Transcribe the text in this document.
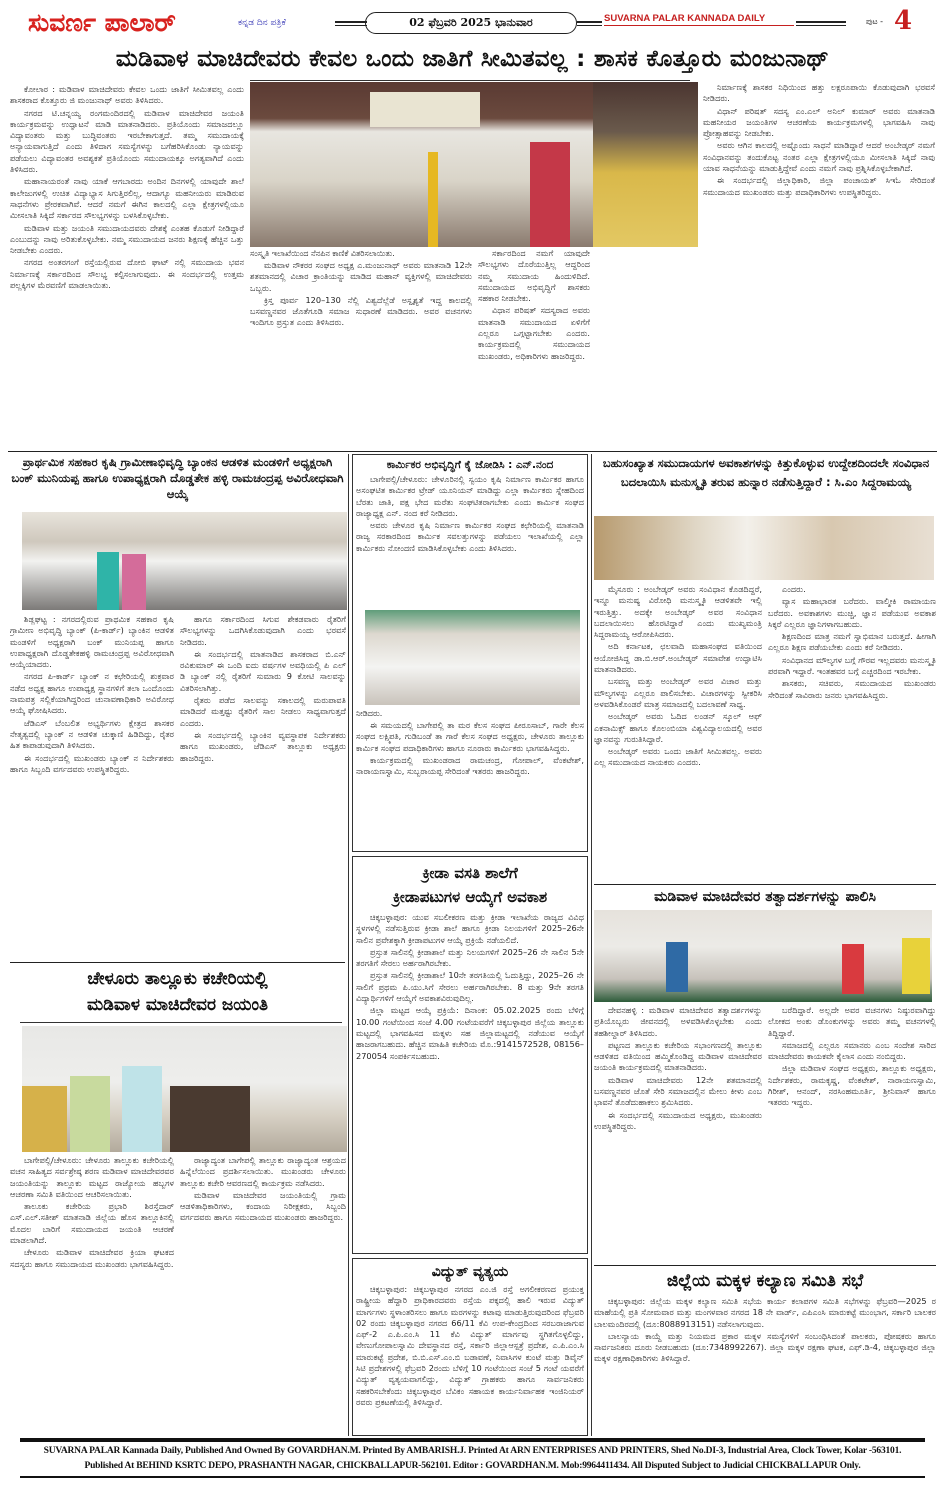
ಸುವರ್ಣ ಪಾಲಾರ್	ಕನ್ನಡ ದಿನ ಪತ್ರಿಕೆ	02 ಫೆಬ್ರವರಿ 2025 ಭಾನುವಾರ	SUVARNA PALAR KANNADA DAILY	ಪುಟ - 4
ಮಡಿವಾಳ ಮಾಚಿದೇವರು ಕೇವಲ ಒಂದು ಜಾತಿಗೆ ಸೀಮಿತವಲ್ಲ : ಶಾಸಕ ಕೊತ್ತೂರು ಮಂಜುನಾಥ್

ಕೋಲಾರ : ಮಡಿವಾಳ ಮಾಚಿದೇವರು ಕೇವಲ ಒಂದು ಜಾತಿಗೆ ಸೀಮಿತವಲ್ಲ ಎಂದು ಶಾಸಕರಾದ ಕೊತ್ತೂರು ಜಿ ಮಂಜುನಾಥ್ ಅವರು ತಿಳಿಸಿದರು.

ನಗರದ ಟಿ.ಚನ್ನಯ್ಯ ರಂಗಮಂದಿರದಲ್ಲಿ ಮಡಿವಾಳ ಮಾಚಿದೇವರ ಜಯಂತಿ ಕಾರ್ಯಕ್ರಮವನ್ನು ಉದ್ಘಾಟನೆ ಮಾಡಿ ಮಾತನಾಡಿದರು. ಪ್ರತಿಯೊಂದು ಸಮಾಜದಲ್ಲೂ ವಿದ್ಯಾವಂತರು ಮತ್ತು ಬುದ್ಧಿವಂತರು ಇರಬೇಕಾಗುತ್ತದೆ. ತಮ್ಮ ಸಮುದಾಯಕ್ಕೆ ಅನ್ಯಾಯವಾಗುತ್ತಿದೆ ಎಂದು ತಿಳಿದಾಗ ಸಮಸ್ಯೆಗಳನ್ನು ಬಗೆಹರಿಸಿಕೊಂಡು ನ್ಯಾಯವನ್ನು ಪಡೆಯಲು ವಿದ್ಯಾವಂತರ ಅವಶ್ಯಕತೆ ಪ್ರತಿಯೊಂದು ಸಮುದಾಯಕ್ಕೂ ಅಗತ್ಯವಾಗಿದೆ ಎಂದು ತಿಳಿಸಿದರು.

ಮಹಾನಾಯರಂತೆ ನಾವು ಯಾಕೆ ಆಗಬಾರದು ಅಂದಿನ ದಿನಗಳಲ್ಲಿ ಯಾವುದೇ ಶಾಲೆ ಕಾಲೇಜುಗಳಲ್ಲಿ ಉಚಿತ ವಿದ್ಯಾಭ್ಯಾಸ ಸಿಗುತ್ತಿರಲಿಲ್ಲ, ಆದಾಗ್ಯೂ ಮಹನೀಯರು ಮಾಡಿರುವ ಸಾಧನೆಗಳು ಪ್ರೇರಕವಾಗಿವೆ. ಆದರೆ ನಮಗೆ ಈಗಿನ ಕಾಲದಲ್ಲಿ ಎಲ್ಲಾ ಕ್ಷೇತ್ರಗಳಲ್ಲಿಯೂ ಮೀಸಲಾತಿ ಸಿಕ್ಕಿದೆ ಸರ್ಕಾರದ ಸೌಲಭ್ಯಗಳನ್ನು ಬಳಸಿಕೊಳ್ಳಬೇಕು.

ಮಡಿವಾಳ ಮತ್ತು ಜಯಂತಿ ಸಮುದಾಯದವರು ದೇಶಕ್ಕೆ ಎಂತಹ ಕೊಡುಗೆ ನೀಡಿದ್ದಾರೆ ಎಂಬುದನ್ನು ನಾವು ಅರಿತುಕೊಳ್ಳಬೇಕು. ನಮ್ಮ ಸಮುದಾಯದ ಜನರು ಶಿಕ್ಷಣಕ್ಕೆ ಹೆಚ್ಚಿನ ಒತ್ತು ನೀಡಬೇಕು ಎಂದರು.

ನಗರದ ಅಂತರಗಂಗೆ ರಸ್ತೆಯಲ್ಲಿರುವ ದೋಬಿ ಘಾಟ್ ನಲ್ಲಿ ಸಮುದಾಯ ಭವನ ನಿರ್ಮಾಣಕ್ಕೆ ಸರ್ಕಾರದಿಂದ ಸೌಲಭ್ಯ ಕಲ್ಪಿಸಲಾಗುವುದು. ಈ ಸಂದರ್ಭದಲ್ಲಿ ಉತ್ತಮ ಪಲ್ಲಕ್ಕಿಗಳ ಮೆರವಣಿಗೆ ಮಾಡಲಾಯಿತು.

ಸಂಸ್ಕೃತಿ ಇಲಾಖೆಯಿಂದ ನೆನಪಿನ ಕಾಣಿಕೆ ವಿತರಿಸಲಾಯಿತು.

ಮಡಿವಾಳ ನೌಕರರ ಸಂಘದ ಅಧ್ಯಕ್ಷ ಎ.ಮಂಜುನಾಥ್ ಅವರು ಮಾತನಾಡಿ 12ನೇ ಶತಮಾನದಲ್ಲಿ ವಿಚಾರ ಕ್ರಾಂತಿಯನ್ನು ಮಾಡಿದ ಮಹಾನ್ ವ್ಯಕ್ತಿಗಳಲ್ಲಿ ಮಾಚಿದೇವರು ಒಬ್ಬರು.

ಕ್ರಿಸ್ತ ಪೂರ್ವ 120–130 ನೆಲ್ಲಿ ವಿಶ್ವದೆಲ್ಲೆಡೆ ಅಸ್ಪೃಶ್ಯತೆ ಇದ್ದ ಕಾಲದಲ್ಲಿ ಬಸವಣ್ಣನವರ ಜೊತೆಗೂಡಿ ಸಮಾಜ ಸುಧಾರಣೆ ಮಾಡಿದರು. ಅವರ ವಚನಗಳು ಇಂದಿಗೂ ಪ್ರಸ್ತುತ ಎಂದು ತಿಳಿಸಿದರು.

ಸರ್ಕಾರದಿಂದ ನಮಗೆ ಯಾವುದೇ ಸೌಲಭ್ಯಗಳು ದೊರೆಯುತ್ತಿಲ್ಲ ಆದ್ದರಿಂದ ನಮ್ಮ ಸಮುದಾಯ ಹಿಂದುಳಿದಿದೆ. ಸಮುದಾಯದ ಅಭಿವೃದ್ಧಿಗೆ ಶಾಸಕರು ಸಹಕಾರ ನೀಡಬೇಕು.

ವಿಧಾನ ಪರಿಷತ್ ಸದಸ್ಯರಾದ ಅವರು ಮಾತನಾಡಿ ಸಮುದಾಯದ ಏಳಿಗೆಗೆ ಎಲ್ಲರೂ ಒಗ್ಗಟ್ಟಾಗಬೇಕು ಎಂದರು. ಕಾರ್ಯಕ್ರಮದಲ್ಲಿ ಸಮುದಾಯದ ಮುಖಂಡರು, ಅಧಿಕಾರಿಗಳು ಹಾಜರಿದ್ದರು.

ನಿರ್ಮಾಣಕ್ಕೆ ಶಾಸಕರ ನಿಧಿಯಿಂದ ಹತ್ತು ಲಕ್ಷರೂಪಾಯಿ ಕೊಡುವುದಾಗಿ ಭರವಸೆ ನೀಡಿದರು.

ವಿಧಾನ್ ಪರಿಷತ್ ಸದಸ್ಯ ಎಂ.ಎಲ್ ಅನಿಲ್ ಕುಮಾರ್ ಅವರು ಮಾತನಾಡಿ ಮಹನೀಯರ ಜಯಂತಿಗಳ ಆಚರಣೆಯ ಕಾರ್ಯಕ್ರಮಗಳಲ್ಲಿ ಭಾಗವಹಿಸಿ ನಾವು ಪ್ರೋತ್ಸಾಹವನ್ನು ನೀಡಬೇಕು.

ಅವರು ಆಗಿನ ಕಾಲದಲ್ಲಿ ಅಷ್ಟೊಂದು ಸಾಧನೆ ಮಾಡಿದ್ದಾರೆ ಆದರೆ ಅಂಬೇಡ್ಕರ್ ನಮಗೆ ಸಂವಿಧಾನವನ್ನು ತಂದುಕೊಟ್ಟ ನಂತರ ಎಲ್ಲಾ ಕ್ಷೇತ್ರಗಳಲ್ಲಿಯೂ ಮೀಸಲಾತಿ ಸಿಕ್ಕಿದೆ ನಾವು ಯಾವ ಸಾಧನೆಯನ್ನು ಮಾಡುತ್ತಿದ್ದೇವೆ ಎಂದು ನಮಗೆ ನಾವು ಪ್ರಶ್ನಿಸಿಕೊಳ್ಳಬೇಕಾಗಿದೆ.

ಈ ಸಂದರ್ಭದಲ್ಲಿ ಜಿಲ್ಲಾಧಿಕಾರಿ, ಜಿಲ್ಲಾ ಪಂಚಾಯತ್ ಸಿಇಓ ಸೇರಿದಂತೆ ಸಮುದಾಯದ ಮುಖಂಡರು ಮತ್ತು ಪದಾಧಿಕಾರಿಗಳು ಉಪಸ್ಥಿತರಿದ್ದರು.

ಪ್ರಾರ್ಥಮಿಕ ಸಹಕಾರ ಕೃಷಿ ಗ್ರಾಮೀಣಾಭಿವೃದ್ಧಿ ಬ್ಯಾಂಕನ ಆಡಳಿತ ಮಂಡಳಿಗೆ ಅಧ್ಯಕ್ಷರಾಗಿ ಬಂಕ್ ಮುನಿಯಪ್ಪ ಹಾಗೂ ಉಪಾಧ್ಯಕ್ಷರಾಗಿ ದೊಡ್ಡತೇಕ ಹಳ್ಳಿ ರಾಮಚಂದ್ರಪ್ಪ ಅವಿರೋಧವಾಗಿ ಆಯ್ಕೆ

ಶಿಡ್ಲಘಟ್ಟ : ನಗರದಲ್ಲಿರುವ ಪ್ರಾಥಮಿಕ ಸಹಕಾರ ಕೃಷಿ ಗ್ರಾಮೀಣ ಅಭಿವೃದ್ಧಿ ಬ್ಯಾಂಕ್ (ಪಿ-ಕಾರ್ಡ್) ಬ್ಯಾಂಕಿನ ಆಡಳಿತ ಮಂಡಳಿಗೆ ಅಧ್ಯಕ್ಷರಾಗಿ ಬಂಕ್ ಮುನಿಯಪ್ಪ ಹಾಗೂ ಉಪಾಧ್ಯಕ್ಷರಾಗಿ ದೊಡ್ಡತೇಕಹಳ್ಳಿ ರಾಮಚಂದ್ರಪ್ಪ ಅವಿರೋಧವಾಗಿ ಆಯ್ಕೆಯಾದರು.

ನಗರದ ಪಿ-ಕಾರ್ಡ್ ಬ್ಯಾಂಕ್ ನ ಕಛೇರಿಯಲ್ಲಿ ಶುಕ್ರವಾರ ನಡೆದ ಅಧ್ಯಕ್ಷ ಹಾಗೂ ಉಪಾಧ್ಯಕ್ಷ ಸ್ಥಾನಗಳಿಗೆ ತಲಾ ಒಂದೊಂದು ನಾಮಪತ್ರ ಸಲ್ಲಿಕೆಯಾಗಿದ್ದರಿಂದ ಚುನಾವಣಾಧಿಕಾರಿ ಅವಿರೋಧ ಆಯ್ಕೆ ಘೋಷಿಸಿದರು.

ಜೆಡಿಎಸ್ ಬೆಂಬಲಿತ ಅಭ್ಯರ್ಥಿಗಳು ಕ್ಷೇತ್ರದ ಶಾಸಕರ ನೇತೃತ್ವದಲ್ಲಿ ಬ್ಯಾಂಕ್ ನ ಆಡಳಿತ ಚುಕ್ಕಾಣಿ ಹಿಡಿದಿದ್ದು, ರೈತರ ಹಿತ ಕಾಪಾಡುವುದಾಗಿ ತಿಳಿಸಿದರು.

ಈ ಸಂದರ್ಭದಲ್ಲಿ ಮುಖಂಡರು ಬ್ಯಾಂಕ್ ನ ನಿರ್ದೇಶಕರು ಹಾಗೂ ಸಿಬ್ಬಂದಿ ವರ್ಗದವರು ಉಪಸ್ಥಿತರಿದ್ದರು.

ಹಾಗೂ ಸರ್ಕಾರದಿಂದ ಸಿಗುವ ಶೇಕಡವಾರು ರೈತರಿಗೆ ಸೌಲಭ್ಯಗಳನ್ನು ಒದಗಿಸಿಕೊಡುವುದಾಗಿ ಎಂದು ಭರವಸೆ ನೀಡಿದರು.

ಈ ಸಂದರ್ಭದಲ್ಲಿ ಮಾತನಾಡಿದ ಶಾಸಕರಾದ ಬಿ.ಎನ್ ರವಿಕುಮಾರ್ ಈ ಒಂದಿ ಐದು ವರ್ಷಗಳ ಅವಧಿಯಲ್ಲಿ ಪಿ ಎಲ್ ಡಿ ಬ್ಯಾಂಕ್ ನಲ್ಲಿ ರೈತರಿಗೆ ಸುಮಾರು 9 ಕೋಟಿ ಸಾಲವನ್ನು ವಿತರಿಸಲಾಗಿತ್ತು.

ರೈತರು ಪಡೆದ ಸಾಲವನ್ನು ಸಕಾಲದಲ್ಲಿ ಮರುಪಾವತಿ ಮಾಡಿದರೆ ಮತ್ತಷ್ಟು ರೈತರಿಗೆ ಸಾಲ ನೀಡಲು ಸಾಧ್ಯವಾಗುತ್ತದೆ ಎಂದರು.

ಈ ಸಂದರ್ಭದಲ್ಲಿ ಬ್ಯಾಂಕಿನ ವ್ಯವಸ್ಥಾಪಕ ನಿರ್ದೇಶಕರು ಹಾಗೂ ಮುಖಂಡರು, ಜೆಡಿಎಸ್ ತಾಲ್ಲೂಕು ಅಧ್ಯಕ್ಷರು ಹಾಜರಿದ್ದರು.

ಕಾರ್ಮಿಕರ ಅಭಿವೃದ್ಧಿಗೆ ಕೈ ಜೋಡಿಸಿ : ಎನ್.ನಂದ

ಬಾಗೇಪಲ್ಲಿ/ಚೇಳೂರು: ಚೇಳೂರಿನಲ್ಲಿ ಸ್ವಯಂ ಕೃಷಿ ನಿರ್ಮಾಣ ಕಾರ್ಮಿಕರ ಹಾಗೂ ಅಸಂಘಟಿತ ಕಾರ್ಮಿಕರ ಟ್ರೇಡ್ ಯೂನಿಯನ್ ಮಾಡಿದ್ದು ಎಲ್ಲಾ ಕಾರ್ಮಿಕರು ಸ್ನೇಹದಿಂದ ಬೆರತು ಜಾತಿ, ಪಕ್ಷ ಭೇದ ಮರೆತು ಸಂಘಟಿತರಾಗಬೇಕು ಎಂದು ಕಾರ್ಮಿಕ ಸಂಘದ ರಾಜ್ಯಾಧ್ಯಕ್ಷ ಎನ್. ನಂದ ಕರೆ ನೀಡಿದರು.

ಅವರು ಚೇಳೂರ ಕೃಷಿ ನಿರ್ಮಾಣ ಕಾರ್ಮಿಕರ ಸಂಘದ ಕಛೇರಿಯಲ್ಲಿ ಮಾತನಾಡಿ ರಾಜ್ಯ ಸರಕಾರದಿಂದ ಕಾರ್ಮಿಕ ಸವಲತ್ತುಗಳನ್ನು ಪಡೆಯಲು ಇಲಾಖೆಯಲ್ಲಿ ಎಲ್ಲಾ ಕಾರ್ಮಿಕರು ನೋಂದಣಿ ಮಾಡಿಸಿಕೊಳ್ಳಬೇಕು ಎಂದು ತಿಳಿಸಿದರು.

ನೀಡಿದರು.

ಈ ಸಮಯದಲ್ಲಿ ಬಾಗೇಪಲ್ಲಿ ತಾ ಮರ ಕೆಲಸ ಸಂಘದ ಪೀರೂಸಾಬ್, ಗಾರೇ ಕೆಲಸ ಸಂಘದ ಲಕ್ಷ್ಮಿಪತಿ, ಗುಡಿಬಂಡೆ ತಾ ಗಾರೆ ಕೆಲಸ ಸಂಘದ ಅಧ್ಯಕ್ಷರು, ಚೇಳೂರು ತಾಲ್ಲೂಕು ಕಾರ್ಮಿಕ ಸಂಘದ ಪದಾಧಿಕಾರಿಗಳು ಹಾಗೂ ನೂರಾರು ಕಾರ್ಮಿಕರು ಭಾಗವಹಿಸಿದ್ದರು.

ಕಾರ್ಯಕ್ರಮದಲ್ಲಿ ಮುಖಂಡರಾದ ರಾಮಚಂದ್ರ, ಗೋಪಾಲ್, ವೆಂಕಟೇಶ್, ನಾರಾಯಣಸ್ವಾಮಿ, ಸುಬ್ಬರಾಯಪ್ಪ ಸೇರಿದಂತೆ ಇತರರು ಹಾಜರಿದ್ದರು.

ಕ್ರೀಡಾ ವಸತಿ ಶಾಲೆಗೆ
ಕ್ರೀಡಾಪಟುಗಳ ಆಯ್ಕೆಗೆ ಅವಕಾಶ

ಚಿಕ್ಕಬಳ್ಳಾಪುರ: ಯುವ ಸಬಲೀಕರಣ ಮತ್ತು ಕ್ರೀಡಾ ಇಲಾಖೆಯ ರಾಜ್ಯದ ವಿವಿಧ ಸ್ಥಳಗಳಲ್ಲಿ ನಡೆಸುತ್ತಿರುವ ಕ್ರೀಡಾ ಶಾಲೆ ಹಾಗೂ ಕ್ರೀಡಾ ನಿಲಯಗಳಿಗೆ 2025–26ನೇ ಸಾಲಿನ ಪ್ರವೇಶಕ್ಕಾಗಿ ಕ್ರೀಡಾಪಟುಗಳ ಆಯ್ಕೆ ಪ್ರಕ್ರಿಯೆ ನಡೆಯಲಿದೆ.

ಪ್ರಸ್ತುತ ಸಾಲಿನಲ್ಲಿ ಕ್ರೀಡಾಶಾಲೆ ಮತ್ತು ನಿಲಯಗಳಿಗೆ 2025–26 ನೇ ಸಾಲಿನ 5ನೇ ತರಗತಿಗೆ ಸೇರಲು ಅರ್ಹರಾಗಿರಬೇಕು.

ಪ್ರಸ್ತುತ ಸಾಲಿನಲ್ಲಿ ಕ್ರೀಡಾಶಾಲೆ 10ನೇ ತರಗತಿಯಲ್ಲಿ ಓದುತ್ತಿದ್ದು, 2025–26 ನೇ ಸಾಲಿಗೆ ಪ್ರಥಮ ಪಿ.ಯು.ಸಿಗೆ ಸೇರಲು ಅರ್ಹರಾಗಿರಬೇಕು. 8 ಮತ್ತು 9ನೇ ತರಗತಿ ವಿದ್ಯಾರ್ಥಿಗಳಿಗೆ ಆಯ್ಕೆಗೆ ಅವಕಾಶವಿರುವುದಿಲ್ಲ.

ಜಿಲ್ಲಾ ಮಟ್ಟದ ಆಯ್ಕೆ ಪ್ರಕ್ರಿಯೆ: ದಿನಾಂಕ: 05.02.2025 ರಂದು ಬೆಳಿಗ್ಗೆ 10.00 ಗಂಟೆಯಿಂದ ಸಂಜೆ 4.00 ಗಂಟೆಯವರೆಗೆ ಚಿಕ್ಕಬಳ್ಳಾಪುರ ಜಿಲ್ಲೆಯ ತಾಲ್ಲೂಕು ಮಟ್ಟದಲ್ಲಿ ಭಾಗವಹಿಸದ ಮಕ್ಕಳು ಸಹ ಜಿಲ್ಲಾಮಟ್ಟದಲ್ಲಿ ನಡೆಯುವ ಆಯ್ಕೆಗೆ ಹಾಜರಾಗಬಹುದು. ಹೆಚ್ಚಿನ ಮಾಹಿತಿ ಕಚೇರಿಯ ಮೊ.:9141572528, 08156–270054 ಸಂಪರ್ಕಿಸಬಹುದು.

ವಿದ್ಯುತ್ ವ್ಯತ್ಯಯ

ಚಿಕ್ಕಬಳ್ಳಾಪುರ: ಚಿಕ್ಕಬಳ್ಳಾಪುರ ನಗರದ ಎಂ.ಜಿ ರಸ್ತೆ ಅಗಲೀಕರಣದ ಪ್ರಯುಕ್ತ ರಾಷ್ಟ್ರೀಯ ಹೆದ್ದಾರಿ ಪ್ರಾಧಿಕಾರದವರು ರಸ್ತೆಯ ಪಕ್ಕದಲ್ಲಿ ಹಾಲಿ ಇರುವ ವಿದ್ಯುತ್ ಮಾರ್ಗಗಳು ಸ್ಥಳಾಂತರಿಸಲು ಹಾಗೂ ಮರಗಳನ್ನು ಕಟಾವು ಮಾಡುತ್ತಿರುವುದರಿಂದ ಫೆಬ್ರವರಿ 02 ರಂದು ಚಿಕ್ಕಬಳ್ಳಾಪುರ ನಗರದ 66/11 ಕೆವಿ ಉಪ-ಕೇಂದ್ರದಿಂದ ಸರಬರಾಜಾಗುವ ಎಫ್-2 ಎ.ಪಿ.ಎಂ.ಸಿ 11 ಕೆವಿ ವಿದ್ಯುತ್ ಮಾರ್ಗವು ಸ್ಥಗಿತಗೊಳ್ಳಲಿದ್ದು, ವೇಣುಗೋಪಾಲಸ್ವಾಮಿ ದೇವಸ್ಥಾನದ ರಸ್ತೆ, ಸರ್ಕಾರಿ ಜಿಲ್ಲಾಆಸ್ಪತ್ರೆ ಪ್ರದೇಶ, ಎ.ಪಿ.ಎಂ.ಸಿ ಮಾರುಕಟ್ಟೆ ಪ್ರದೇಶ, ಬಿ.ಬಿ.ಎಸ್.ಎಂ.ಬಿ ಬಡಾವಣೆ, ನಿವಾಸಿಗಳ ಕುಂಟೆ ಮತ್ತು ಡಿವೈನ್ ಸಿಟಿ ಪ್ರದೇಶಗಳಲ್ಲಿ ಫೆಬ್ರವರಿ 2ರಂದು ಬೆಳಿಗ್ಗೆ 10 ಗಂಟೆಯಿಂದ ಸಂಜೆ 5 ಗಂಟೆ ಯವರೆಗೆ ವಿದ್ಯುತ್ ವ್ಯತ್ಯಯವಾಗಲಿದ್ದು, ವಿದ್ಯುತ್ ಗ್ರಾಹಕರು ಹಾಗೂ ಸಾರ್ವಜನಿಕರು ಸಹಕರಿಸಬೇಕೆಂದು ಚಿಕ್ಕಬಳ್ಳಾಪುರ ಬೆವಿಕಂ ಸಹಾಯಕ ಕಾರ್ಯನಿರ್ವಾಹಕ ಇಂಜಿನಿಯರ್ ರವರು ಪ್ರಕಟಣೆಯಲ್ಲಿ ತಿಳಿಸಿದ್ದಾರೆ.

ಬಹುಸಂಖ್ಯಾತ ಸಮುದಾಯಗಳ ಅವಕಾಶಗಳನ್ನು ಕಿತ್ತುಕೊಳ್ಳುವ ಉದ್ದೇಶದಿಂದಲೇ ಸಂವಿಧಾನ ಬದಲಾಯಿಸಿ ಮನುಸ್ಮೃತಿ ತರುವ ಹುನ್ನಾರ ನಡೆಸುತ್ತಿದ್ದಾರೆ : ಸಿ.ಎಂ ಸಿದ್ದರಾಮಯ್ಯ

ಮೈಸೂರು : ಅಂಬೇಡ್ಕರ್ ಅವರು ಸಂವಿಧಾನ ಕೊಡದಿದ್ದರೆ, ಇನ್ನೂ ಮನುಷ್ಯ ವಿರೋಧಿ ಮನುಸ್ಮೃತಿ ಆಡಳಿತವೇ ಇಲ್ಲಿ ಇರುತ್ತಿತ್ತು. ಅದಕ್ಕೇ ಅಂಬೇಡ್ಕರ್ ಅವರ ಸಂವಿಧಾನ ಬದಲಾಯಿಸಲು ಹೊರಟಿದ್ದಾರೆ ಎಂದು ಮುಖ್ಯಮಂತ್ರಿ ಸಿದ್ದರಾಮಯ್ಯ ಆರೋಪಿಸಿದರು.

ಅದಿ ಕರ್ನಾಟಕ, ಛಲವಾದಿ ಮಹಾಸಂಘದ ವತಿಯಿಂದ ಆಯೋಜಿಸಿದ್ದ ಡಾ.ಬಿ.ಆರ್.ಅಂಬೇಡ್ಕರ್ ಸಮಾವೇಶ ಉದ್ಘಾಟಿಸಿ ಮಾತನಾಡಿದರು.

ಬಸವಣ್ಣ ಮತ್ತು ಅಂಬೇಡ್ಕರ್ ಅವರ ವಿಚಾರ ಮತ್ತು ಮೌಲ್ಯಗಳನ್ನು ಎಲ್ಲರೂ ಪಾಲಿಸಬೇಕು. ವಿಚಾರಗಳನ್ನು ಸ್ವೀಕರಿಸಿ ಅಳವಡಿಸಿಕೊಂಡರೆ ಮಾತ್ರ ಸಮಾಜದಲ್ಲಿ ಬದಲಾವಣೆ ಸಾಧ್ಯ.

ಅಂಬೇಡ್ಕರ್ ಅವರು ಓದಿದ ಲಂಡನ್ ಸ್ಕೂಲ್ ಆಫ್ ಎಕನಾಮಿಕ್ಸ್ ಹಾಗೂ ಕೊಲಂಬಿಯಾ ವಿಶ್ವವಿದ್ಯಾಲಯದಲ್ಲಿ ಅವರ ಜ್ಞಾನವನ್ನು ಗುರುತಿಸಿದ್ದಾರೆ.

ಅಂಬೇಡ್ಕರ್ ಅವರು ಒಂದು ಜಾತಿಗೆ ಸೀಮಿತವಲ್ಲ. ಅವರು ಎಲ್ಲ ಸಮುದಾಯದ ನಾಯಕರು ಎಂದರು.

ಎಂದರು.

ವ್ಯಾಸ ಮಹಾಭಾರತ ಬರೆದರು. ವಾಲ್ಮೀಕಿ ರಾಮಾಯಣ ಬರೆದರು. ಅವಕಾಶಗಳು ಮುಚ್ಚಿ, ಜ್ಞಾನ ಪಡೆಯುವ ಅವಕಾಶ ಸಿಕ್ಕರೆ ಎಲ್ಲರೂ ಜ್ಞಾನಿಗಳಾಗಬಹುದು.

ಶಿಕ್ಷಣದಿಂದ ಮಾತ್ರ ನಮಗೆ ಸ್ವಾಭಿಮಾನ ಬರುತ್ತದೆ. ಹೀಗಾಗಿ ಎಲ್ಲರೂ ಶಿಕ್ಷಣ ಪಡೆಯಬೇಕು ಎಂದು ಕರೆ ನೀಡಿದರು.

ಸಂವಿಧಾನದ ಮೌಲ್ಯಗಳ ಬಗ್ಗೆ ಗೌರವ ಇಲ್ಲದವರು ಮನುಸ್ಮೃತಿ ಪರವಾಗಿ ಇದ್ದಾರೆ. ಇಂತಹವರ ಬಗ್ಗೆ ಎಚ್ಚರದಿಂದ ಇರಬೇಕು.

ಶಾಸಕರು, ಸಚಿವರು, ಸಮುದಾಯದ ಮುಖಂಡರು ಸೇರಿದಂತೆ ಸಾವಿರಾರು ಜನರು ಭಾಗವಹಿಸಿದ್ದರು.

ಮಡಿವಾಳ ಮಾಚಿದೇವರ ತತ್ವಾದರ್ಶಗಳನ್ನು ಪಾಲಿಸಿ

ದೇವನಹಳ್ಳಿ : ಮಡಿವಾಳ ಮಾಚಿದೇವರ ತತ್ವಾದರ್ಶಗಳನ್ನು ಪ್ರತಿಯೊಬ್ಬರು ಜೀವನದಲ್ಲಿ ಅಳವಡಿಸಿಕೊಳ್ಳಬೇಕು ಎಂದು ತಹಶೀಲ್ದಾರ್ ತಿಳಿಸಿದರು.

ಪಟ್ಟಣದ ತಾಲ್ಲೂಕು ಕಚೇರಿಯ ಸಭಾಂಗಣದಲ್ಲಿ ತಾಲ್ಲೂಕು ಆಡಳಿತದ ವತಿಯಿಂದ ಹಮ್ಮಿಕೊಂಡಿದ್ದ ಮಡಿವಾಳ ಮಾಚಿದೇವರ ಜಯಂತಿ ಕಾರ್ಯಕ್ರಮದಲ್ಲಿ ಮಾತನಾಡಿದರು.

ಮಡಿವಾಳ ಮಾಚಿದೇವರು 12ನೇ ಶತಮಾನದಲ್ಲಿ ಬಸವಣ್ಣನವರ ಜೊತೆ ಸೇರಿ ಸಮಾಜದಲ್ಲಿನ ಮೇಲು ಕೀಳು ಎಂಬ ಭಾವನೆ ತೊಡೆದುಹಾಕಲು ಶ್ರಮಿಸಿದರು.

ಈ ಸಂದರ್ಭದಲ್ಲಿ ಸಮುದಾಯದ ಅಧ್ಯಕ್ಷರು, ಮುಖಂಡರು ಉಪಸ್ಥಿತರಿದ್ದರು.

ಬರೆದಿದ್ದಾರೆ. ಅಲ್ಲದೇ ಅವರ ವಚನಗಳು ನಿಷ್ಠುರವಾಗಿದ್ದು ಲೋಕದ ಅಂಕು ಡೊಂಕುಗಳನ್ನು ಅವರು ತಮ್ಮ ವಚನಗಳಲ್ಲಿ ತಿದ್ದಿದ್ದಾರೆ.

ಸಮಾಜದಲ್ಲಿ ಎಲ್ಲರೂ ಸಮಾನರು ಎಂಬ ಸಂದೇಶ ಸಾರಿದ ಮಾಚಿದೇವರು ಕಾಯಕವೇ ಕೈಲಾಸ ಎಂದು ನಂಬಿದ್ದರು.

ಜಿಲ್ಲಾ ಮಡಿವಾಳ ಸಂಘದ ಅಧ್ಯಕ್ಷರು, ತಾಲ್ಲೂಕು ಅಧ್ಯಕ್ಷರು, ನಿರ್ದೇಶಕರು, ರಾಮಕೃಷ್ಣ, ವೆಂಕಟೇಶ್, ನಾರಾಯಣಸ್ವಾಮಿ, ಗಿರೀಶ್, ಆನಂದ್, ನರಸಿಂಹಮೂರ್ತಿ, ಶ್ರೀನಿವಾಸ್ ಹಾಗೂ ಇತರರು ಇದ್ದರು.

ಜಿಲ್ಲೆಯ ಮಕ್ಕಳ ಕಲ್ಯಾಣ ಸಮಿತಿ ಸಭೆ

ಚಿಕ್ಕಬಳ್ಳಾಪುರ: ಜಿಲ್ಲೆಯ ಮಕ್ಕಳ ಕಲ್ಯಾಣ ಸಮಿತಿ ಸಭೆಯ ಕಾರ್ಯ ಕಲಾಪಗಳ ಸಮಿತಿ ಸಭೆಗಳನ್ನು ಫೆಬ್ರವರಿ—2025 ರ ಮಾಹೆಯಲ್ಲಿ ಪ್ರತಿ ಸೋಮವಾರ ಮತ್ತು ಮಂಗಳವಾರ ನಗರದ 18 ನೇ ವಾರ್ಡ್, ಎಪಿಎಂಸಿ ಮಾರುಕಟ್ಟೆ ಮುಂಭಾಗ, ಸರ್ಕಾರಿ ಬಾಲಕರ ಬಾಲಮಂದಿರದಲ್ಲಿ (ದೂ:8088913151) ನಡೆಸಲಾಗುವುದು.

ಬಾಲನ್ಯಾಯ ಕಾಯ್ದೆ ಮತ್ತು ನಿಯಮದ ಪ್ರಕಾರ ಮಕ್ಕಳ ಸಮಸ್ಯೆಗಳಿಗೆ ಸಂಬಂಧಿಸಿದಂತೆ ಪಾಲಕರು, ಪೋಷಕರು ಹಾಗೂ ಸಾರ್ವಜನಿಕರು ದೂರು ನೀಡಬಹುದು (ದೂ:7348992267). ಜಿಲ್ಲಾ ಮಕ್ಕಳ ರಕ್ಷಣಾ ಘಟಕ, ಎಫ್.ಡಿ-4, ಚಿಕ್ಕಬಳ್ಳಾಪುರ ಜಿಲ್ಲಾ ಮಕ್ಕಳ ರಕ್ಷಣಾಧಿಕಾರಿಗಳು ತಿಳಿಸಿದ್ದಾರೆ.

ಚೇಳೂರು ತಾಲ್ಲೂಕು ಕಚೇರಿಯಲ್ಲಿ
ಮಡಿವಾಳ ಮಾಚಿದೇವರ ಜಯಂತಿ

ಬಾಗೇಪಲ್ಲಿ/ಚೇಳೂರು: ಚೇಳೂರು ತಾಲ್ಲೂಕು ಕಚೇರಿಯಲ್ಲಿ ವಚನ ಸಾಹಿತ್ಯದ ಸರ್ವಶ್ರೇಷ್ಠ ಶರಣ ಮಡಿವಾಳ ಮಾಚಿದೇವರವರ ಜಯಂತಿಯನ್ನು ತಾಲ್ಲೂಕು ಮಟ್ಟದ ರಾಜ್ಯೋಯ ಹಬ್ಬಗಳ ಆಚರಣಾ ಸಮಿತಿ ವತಿಯಿಂದ ಆಚರಿಸಲಾಯಿತು.

ತಾಲೂಕು ಕಚೇರಿಯ ಪ್ರಭಾರಿ ಶಿರಸ್ತೆದಾರ್ ಎಸ್.ಎಲ್.ಸತೀಶ್ ಮಾತನಾಡಿ ಜಿಲ್ಲೆಯ ಹೊಸ ತಾಲ್ಲೂಕಿನಲ್ಲಿ ಮೊದಲ ಬಾರಿಗೆ ಸಮುದಾಯದ ಜಯಂತಿ ಆಚರಣೆ ಮಾಡಲಾಗಿದೆ.

ಚೇಳೂರು ಮಡಿವಾಳ ಮಾಚಿದೇವರ ಕ್ರಿಯಾ ಘಟಕದ ಸದಸ್ಯರು ಹಾಗೂ ಸಮುದಾಯದ ಮುಖಂಡರು ಭಾಗವಹಿಸಿದ್ದರು.

ರಾಜ್ಯಾದ್ಯಂತ ಬಾಗೇಪಲ್ಲಿ ತಾಲ್ಲೂಕು ರಾಜ್ಯಾದ್ಯಂತ ಆಶ್ರಯದ ಹಿನ್ನೆಲೆಯಿಂದ ಪ್ರದರ್ಶಿಸಲಾಯಿತು. ಮುಖಂಡರು ಚೇಳೂರು ತಾಲ್ಲೂಕು ಕಚೇರಿ ಆವರಣದಲ್ಲಿ ಕಾರ್ಯಕ್ರಮ ನಡೆಸಿದರು.

ಮಡಿವಾಳ ಮಾಚಿದೇವರ ಜಯಂತಿಯಲ್ಲಿ ಗ್ರಾಮ ಆಡಳಿತಾಧಿಕಾರಿಗಳು, ಕಂದಾಯ ನಿರೀಕ್ಷಕರು, ಸಿಬ್ಬಂದಿ ವರ್ಗದವರು ಹಾಗೂ ಸಮುದಾಯದ ಮುಖಂಡರು ಹಾಜರಿದ್ದರು.

SUVARNA PALAR Kannada Daily, Published And Owned By GOVARDHAN.M. Printed By AMBARISH.J. Printed At ARN ENTERPRISES AND PRINTERS, Shed No.DI-3, Industrial Area, Clock Tower, Kolar -563101.
Published At BEHIND KSRTC DEPO, PRASHANTH NAGAR, CHICKBALLAPUR-562101. Editor : GOVARDHAN.M. Mob:9964411434. All Disputed Subject to Judicial CHICKBALLAPUR Only.
